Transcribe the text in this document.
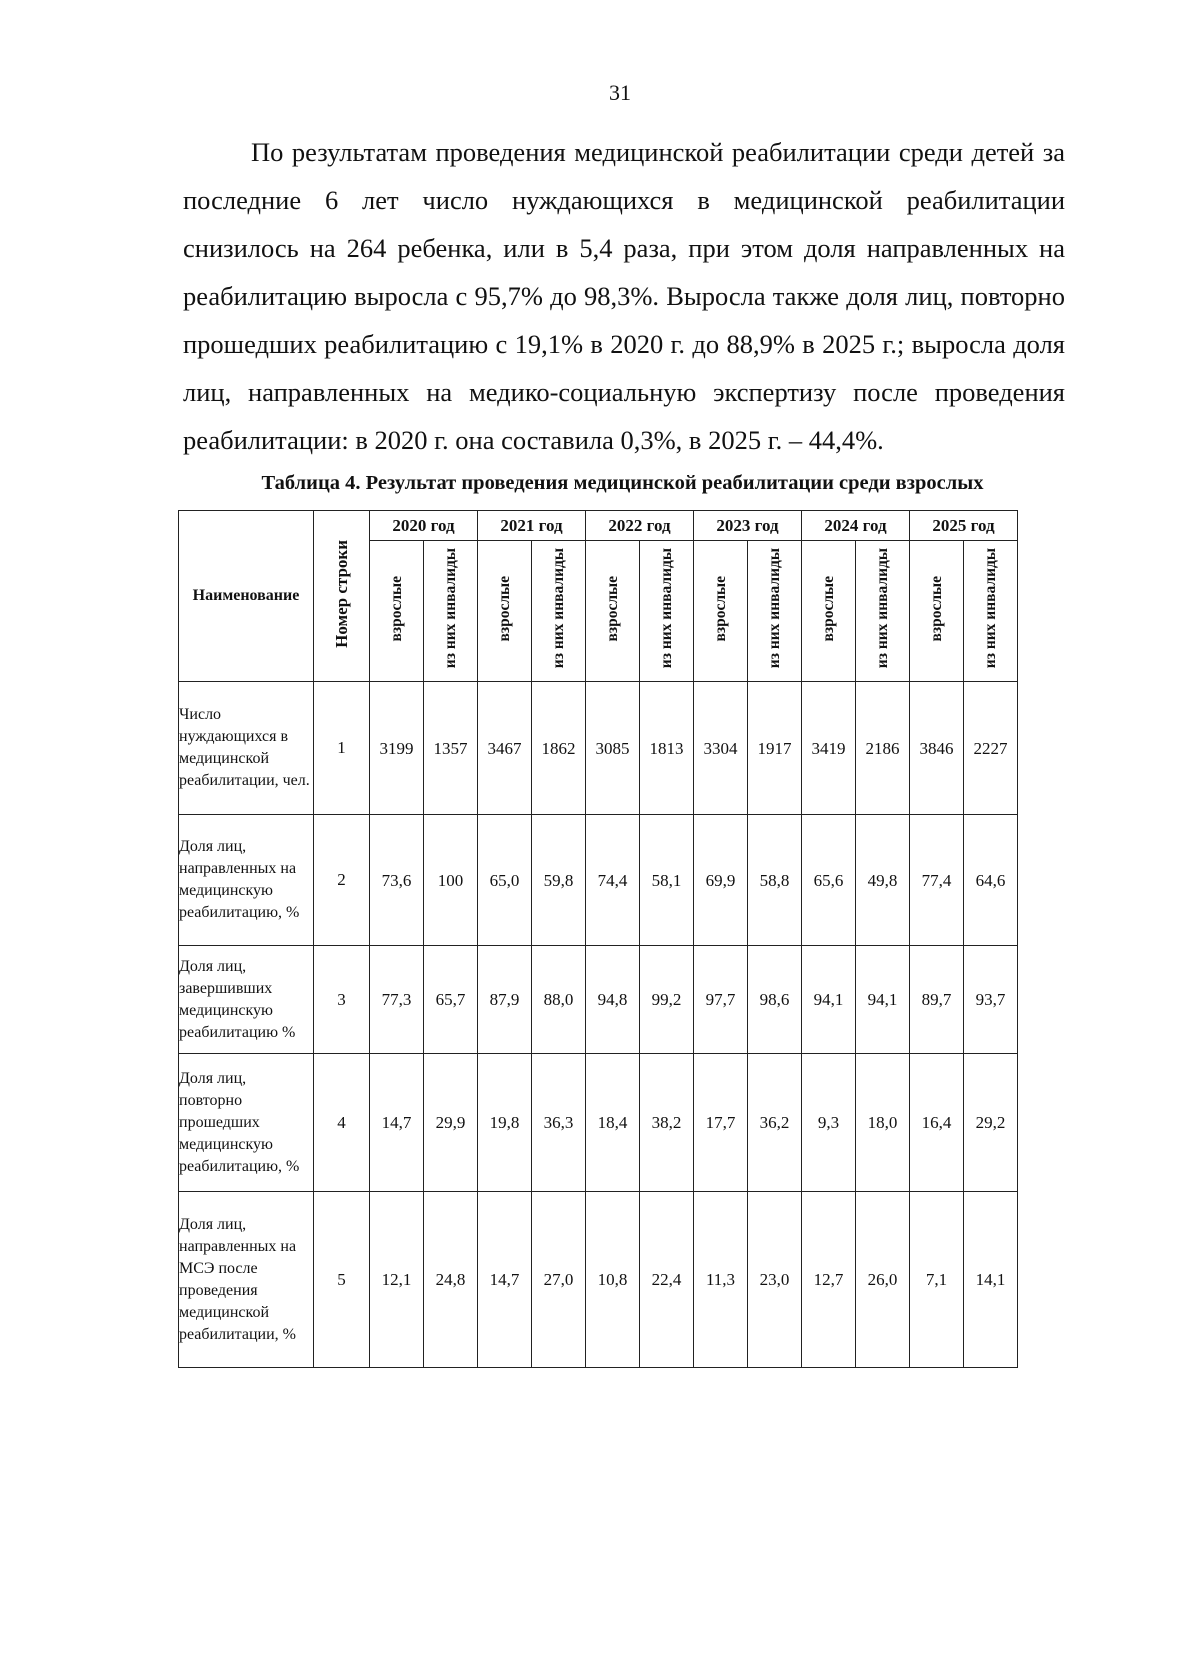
31
По результатам проведения медицинской реабилитации среди детей за последние 6 лет число нуждающихся в медицинской реабилитации снизилось на 264 ребенка, или в 5,4 раза, при этом доля направленных на реабилитацию выросла с 95,7% до 98,3%. Выросла также доля лиц, повторно прошедших реабилитацию с 19,1% в 2020 г. до 88,9% в 2025 г.; выросла доля лиц, направленных на медико-социальную экспертизу после проведения реабилитации: в 2020 г. она составила 0,3%, в 2025 г. – 44,4%.
Таблица 4. Результат проведения медицинской реабилитации среди взрослых
Наименование	Номер строки	2020 год		2021 год		2022 год		2023 год		2024 год		2025 год	
		взрослые	из них инвалиды	взрослые	из них инвалиды	взрослые	из них инвалиды	взрослые	из них инвалиды	взрослые	из них инвалиды	взрослые	из них инвалиды
Число нуждающихся в медицинской реабилитации, чел.	1	3199	1357	3467	1862	3085	1813	3304	1917	3419	2186	3846	2227
Доля лиц, направленных на медицинскую реабилитацию, %	2	73,6	100	65,0	59,8	74,4	58,1	69,9	58,8	65,6	49,8	77,4	64,6
Доля лиц, завершивших медицинскую реабилитацию %	3	77,3	65,7	87,9	88,0	94,8	99,2	97,7	98,6	94,1	94,1	89,7	93,7
Доля лиц, повторно прошедших медицинскую реабилитацию, %	4	14,7	29,9	19,8	36,3	18,4	38,2	17,7	36,2	9,3	18,0	16,4	29,2
Доля лиц, направленных на МСЭ после проведения медицинской реабилитации, %	5	12,1	24,8	14,7	27,0	10,8	22,4	11,3	23,0	12,7	26,0	7,1	14,1
